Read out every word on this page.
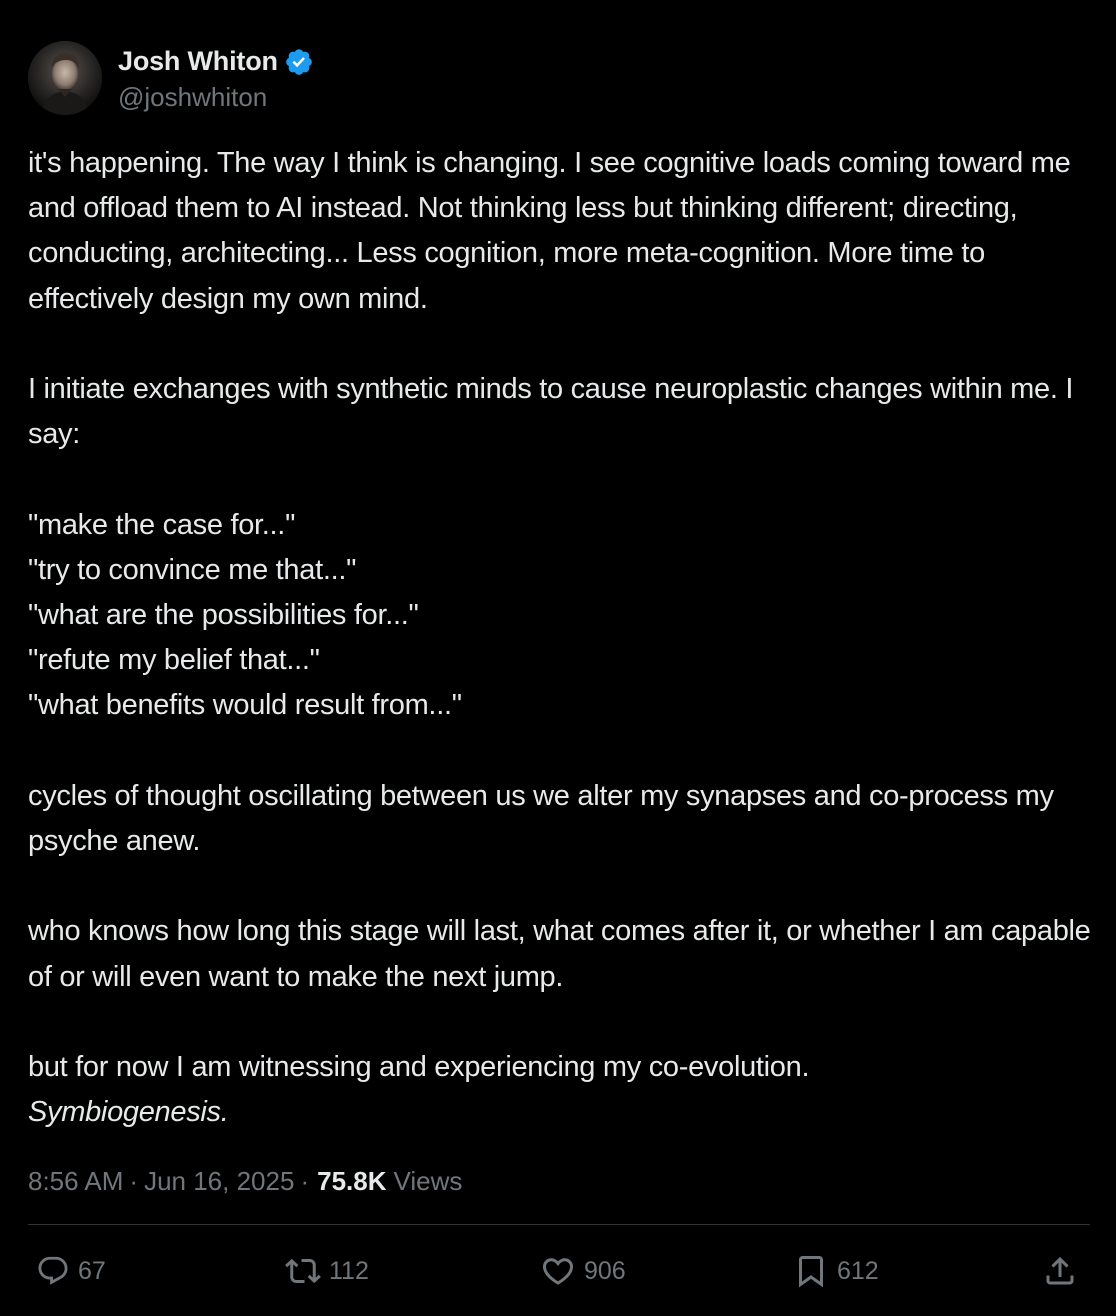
Josh Whiton
@joshwhiton

it's happening. The way I think is changing. I see cognitive loads coming toward me and offload them to AI instead. Not thinking less but thinking different; directing, conducting, architecting... Less cognition, more meta-cognition. More time to effectively design my own mind.

I initiate exchanges with synthetic minds to cause neuroplastic changes within me. I say:

"make the case for..."

"try to convince me that..."

"what are the possibilities for..."

"refute my belief that..."

"what benefits would result from..."

cycles of thought oscillating between us we alter my synapses and co-process my psyche anew.

who knows how long this stage will last, what comes after it, or whether I am capable of or will even want to make the next jump.

but for now I am witnessing and experiencing my co-evolution.

Symbiogenesis.

8:56 AM · Jun 16, 2025 · 75.8K Views
67	112	906	612
